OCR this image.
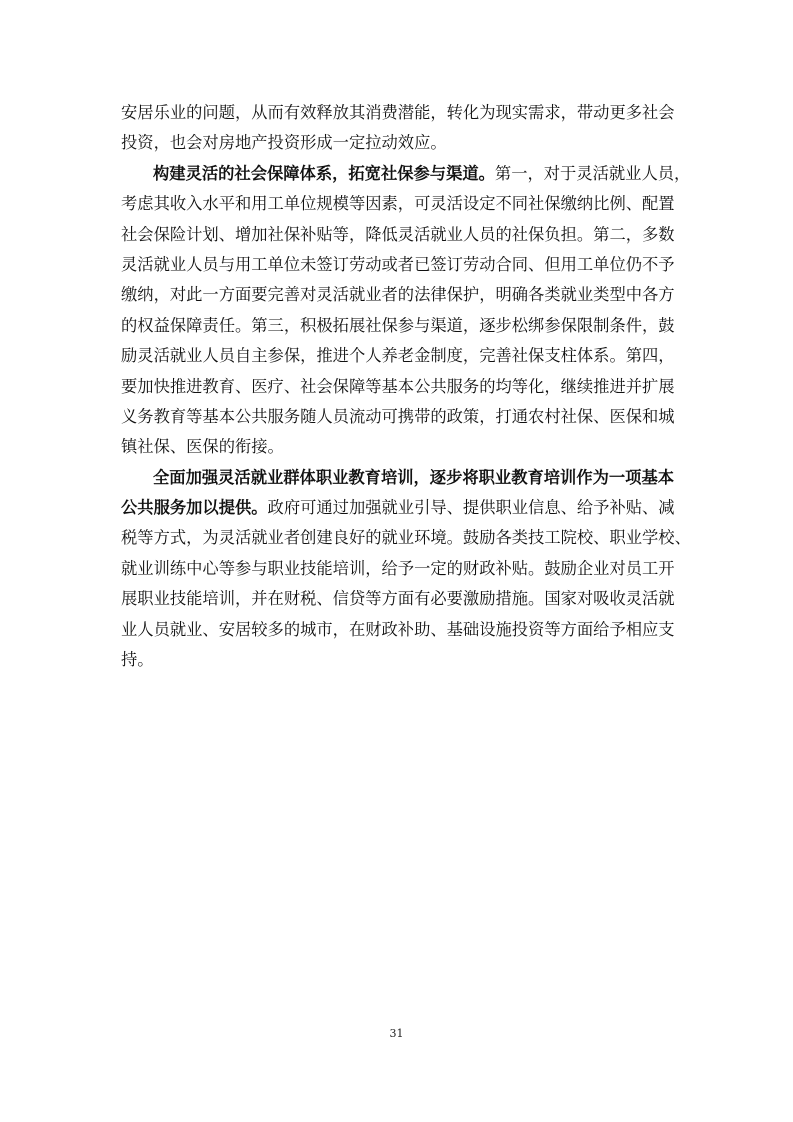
安居乐业的问题，从而有效释放其消费潜能，转化为现实需求，带动更多社会
投资，也会对房地产投资形成一定拉动效应。
构建灵活的社会保障体系，拓宽社保参与渠道。第一，对于灵活就业人员，
考虑其收入水平和用工单位规模等因素，可灵活设定不同社保缴纳比例、配置
社会保险计划、增加社保补贴等，降低灵活就业人员的社保负担。第二，多数
灵活就业人员与用工单位未签订劳动或者已签订劳动合同、但用工单位仍不予
缴纳，对此一方面要完善对灵活就业者的法律保护，明确各类就业类型中各方
的权益保障责任。第三，积极拓展社保参与渠道，逐步松绑参保限制条件，鼓
励灵活就业人员自主参保，推进个人养老金制度，完善社保支柱体系。第四，
要加快推进教育、医疗、社会保障等基本公共服务的均等化，继续推进并扩展
义务教育等基本公共服务随人员流动可携带的政策，打通农村社保、医保和城
镇社保、医保的衔接。
全面加强灵活就业群体职业教育培训，逐步将职业教育培训作为一项基本
公共服务加以提供。政府可通过加强就业引导、提供职业信息、给予补贴、减
税等方式，为灵活就业者创建良好的就业环境。鼓励各类技工院校、职业学校、
就业训练中心等参与职业技能培训，给予一定的财政补贴。鼓励企业对员工开
展职业技能培训，并在财税、信贷等方面有必要激励措施。国家对吸收灵活就
业人员就业、安居较多的城市，在财政补助、基础设施投资等方面给予相应支
持。
31
